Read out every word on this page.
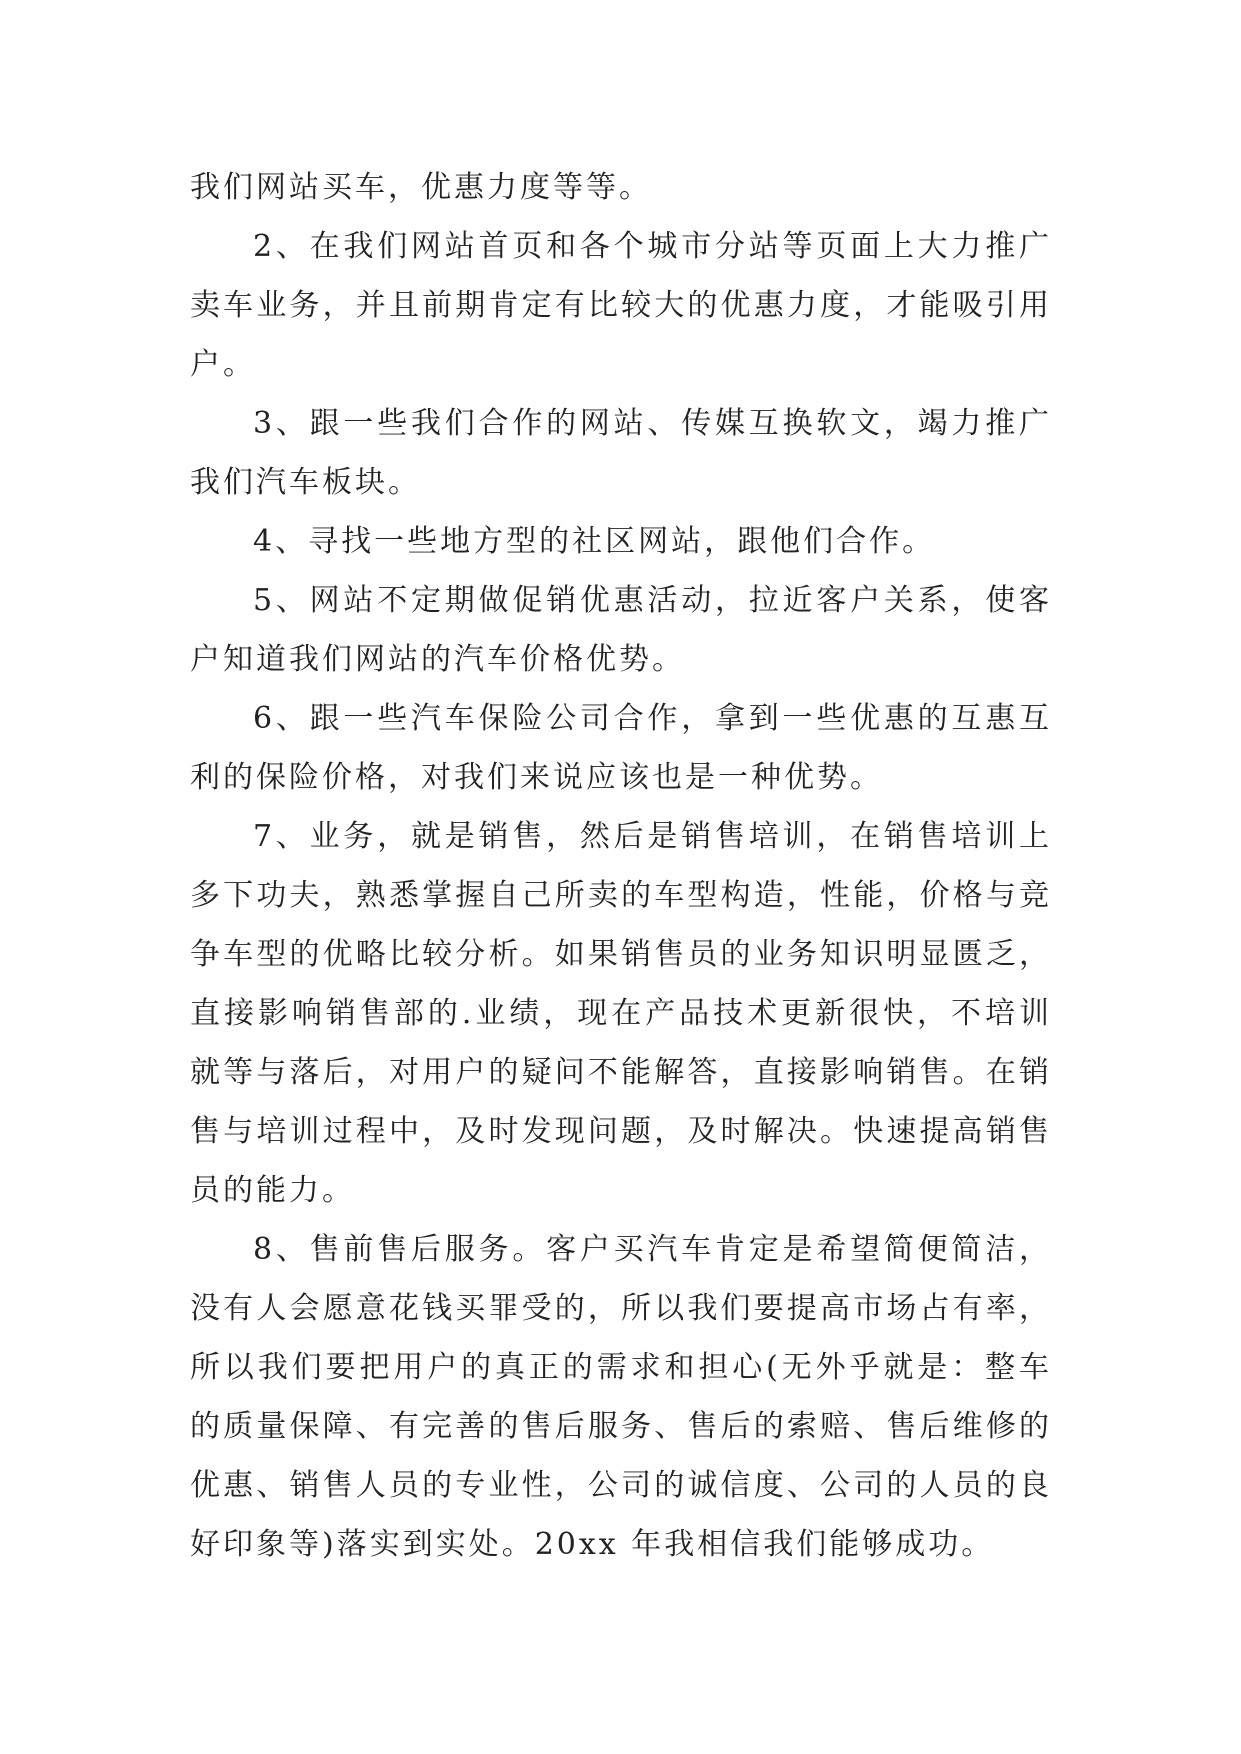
我们网站买车，优惠力度等等。

2、在我们网站首页和各个城市分站等页面上大力推广卖车业务，并且前期肯定有比较大的优惠力度，才能吸引用户。

3、跟一些我们合作的网站、传媒互换软文，竭力推广我们汽车板块。

4、寻找一些地方型的社区网站，跟他们合作。

5、网站不定期做促销优惠活动，拉近客户关系，使客户知道我们网站的汽车价格优势。

6、跟一些汽车保险公司合作，拿到一些优惠的互惠互利的保险价格，对我们来说应该也是一种优势。

7、业务，就是销售，然后是销售培训，在销售培训上多下功夫，熟悉掌握自己所卖的车型构造，性能，价格与竞争车型的优略比较分析。如果销售员的业务知识明显匮乏，直接影响销售部的.业绩，现在产品技术更新很快，不培训就等与落后，对用户的疑问不能解答，直接影响销售。在销售与培训过程中，及时发现问题，及时解决。快速提高销售员的能力。

8、售前售后服务。客户买汽车肯定是希望简便简洁，没有人会愿意花钱买罪受的，所以我们要提高市场占有率，所以我们要把用户的真正的需求和担心(无外乎就是：整车的质量保障、有完善的售后服务、售后的索赔、售后维修的优惠、销售人员的专业性，公司的诚信度、公司的人员的良好印象等)落实到实处。20xx 年我相信我们能够成功。
